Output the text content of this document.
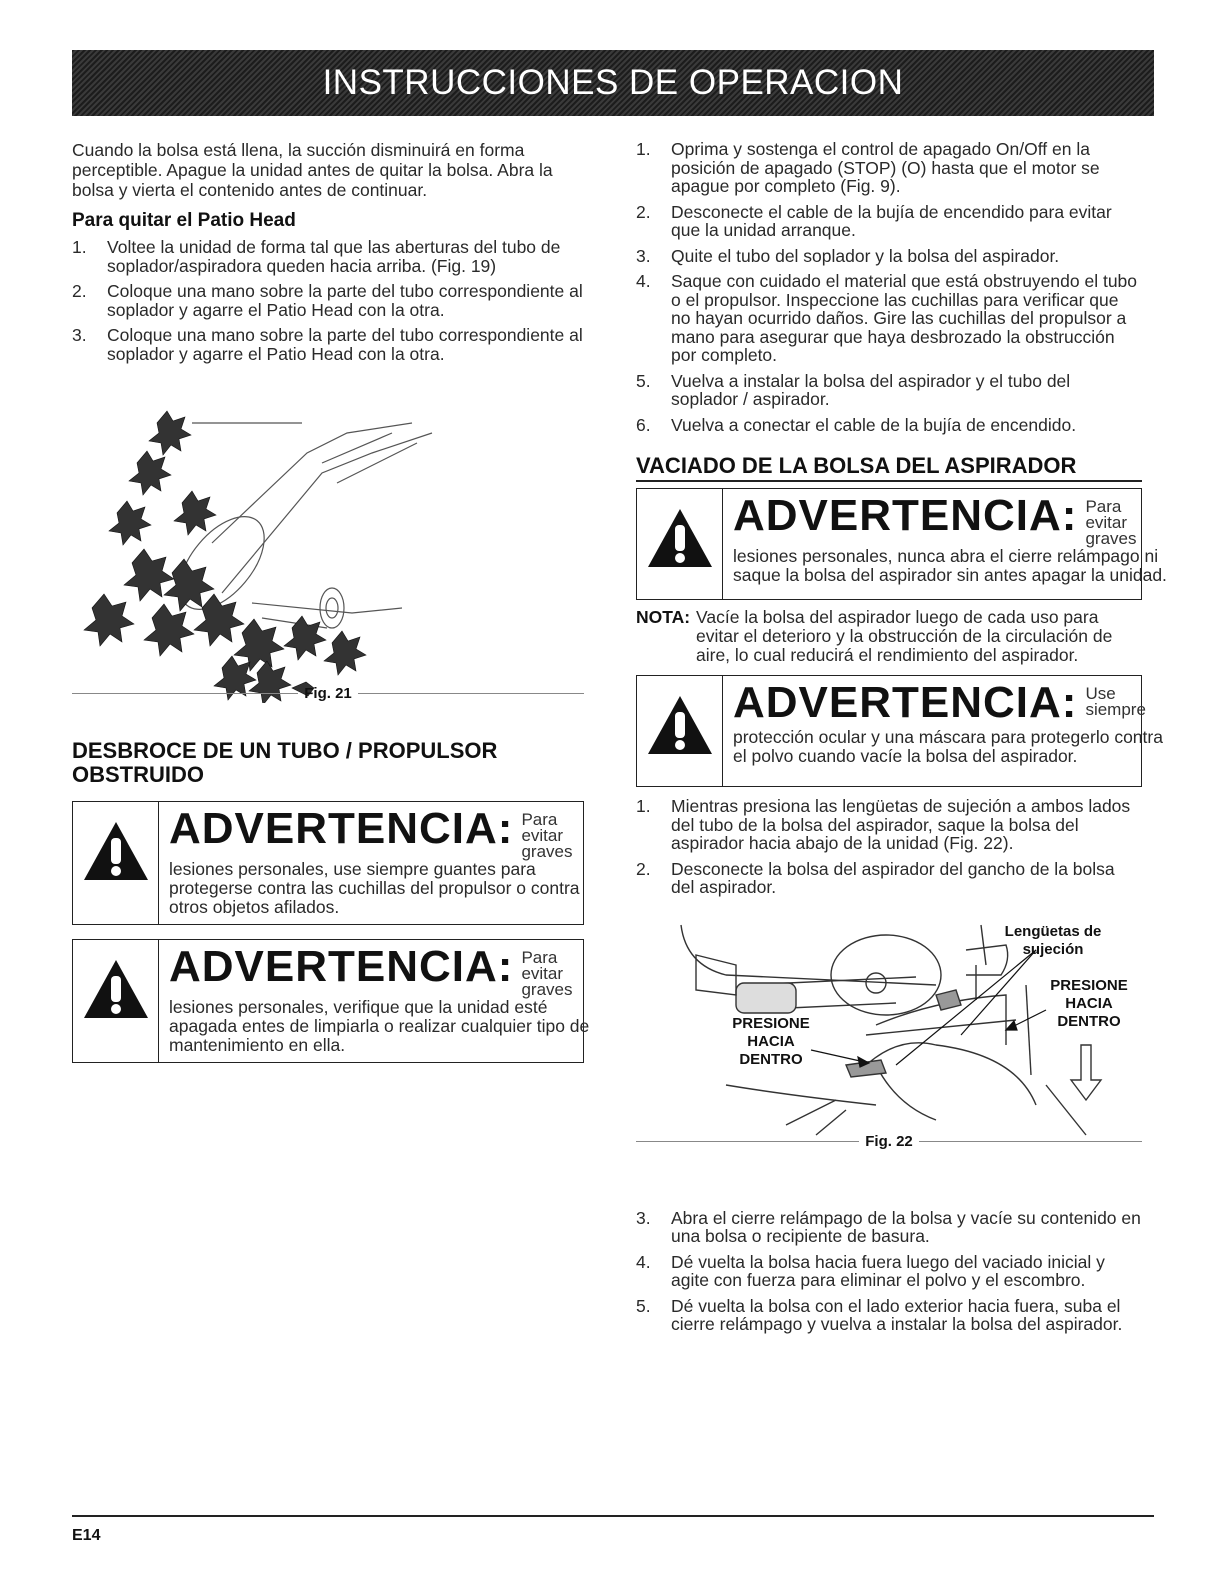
INSTRUCCIONES DE OPERACION

Cuando la bolsa está llena, la succión disminuirá en forma perceptible. Apague la unidad antes de quitar la bolsa. Abra la bolsa y vierta el contenido antes de continuar.

Para quitar el Patio Head
1.	Voltee la unidad de forma tal que las aberturas del tubo de soplador/aspiradora queden hacia arriba. (Fig. 19)
2.	Coloque una mano sobre la parte del tubo correspondiente al soplador y agarre el Patio Head con la otra.
3.	Coloque una mano sobre la parte del tubo correspondiente al soplador y agarre el Patio Head con la otra.
Fig. 21
DESBROCE DE UN TUBO / PROPULSOR OBSTRUIDO
ADVERTENCIA: Para evitar graves
lesiones personales, use siempre guantes para protegerse contra las cuchillas del propulsor o contra otros objetos afilados.
ADVERTENCIA: Para evitar graves
lesiones personales, verifique que la unidad esté apagada entes de limpiarla o realizar cualquier tipo de mantenimiento en ella.
1.	Oprima y sostenga el control de apagado On/Off en la posición de apagado (STOP) (O) hasta que el motor se apague por completo (Fig. 9).
2.	Desconecte el cable de la bujía de encendido para evitar que la unidad arranque.
3.	Quite el tubo del soplador y la bolsa del aspirador.
4.	Saque con cuidado el material que está obstruyendo el tubo o el propulsor. Inspeccione las cuchillas para verificar que no hayan ocurrido daños. Gire las cuchillas del propulsor a mano para asegurar que haya desbrozado la obstrucción por completo.
5.	Vuelva a instalar la bolsa del aspirador y el tubo del soplador / aspirador.
6.	Vuelva a conectar el cable de la bujía de encendido.
VACIADO DE LA BOLSA DEL ASPIRADOR
ADVERTENCIA: Para evitar graves
lesiones personales, nunca abra el cierre relámpago ni saque la bolsa del aspirador sin antes apagar la unidad.
NOTA: Vacíe la bolsa del aspirador luego de cada uso para evitar el deterioro y la obstrucción de la circulación de aire, lo cual reducirá el rendimiento del aspirador.
ADVERTENCIA: Use siempre
protección ocular y una máscara para protegerlo contra el polvo cuando vacíe la bolsa del aspirador.
1.	Mientras presiona las lengüetas de sujeción a ambos lados del tubo de la bolsa del aspirador, saque la bolsa del aspirador hacia abajo de la unidad (Fig. 22).
2.	Desconecte la bolsa del aspirador del gancho de la bolsa del aspirador.
Lengüetas de sujeción
PRESIONE HACIA DENTRO
PRESIONE HACIA DENTRO
Fig. 22
3.	Abra el cierre relámpago de la bolsa y vacíe su contenido en una bolsa o recipiente de basura.
4.	Dé vuelta la bolsa hacia fuera luego del vaciado inicial y agite con fuerza para eliminar el polvo y el escombro.
5.	Dé vuelta la bolsa con el lado exterior hacia fuera, suba el cierre relámpago y vuelva a instalar la bolsa del aspirador.
E14
